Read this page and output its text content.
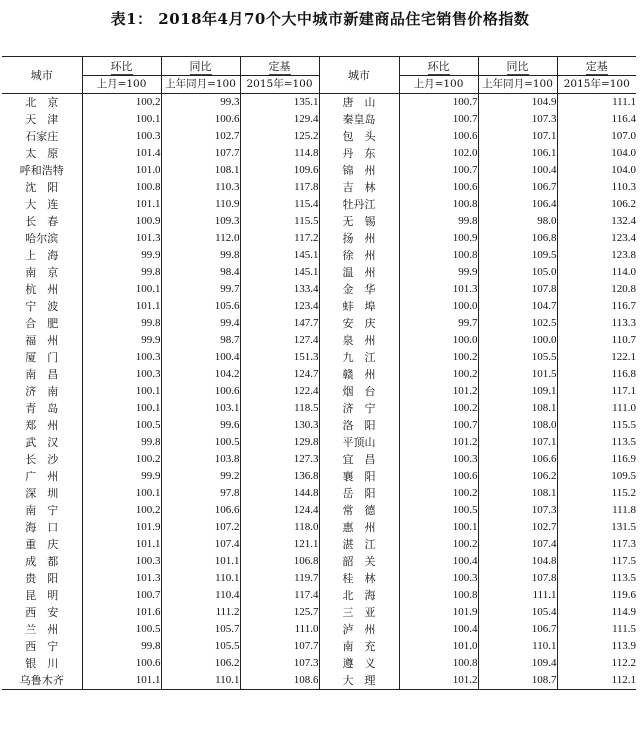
表1： 2018年4月70个大中城市新建商品住宅销售价格指数
城市	环比	同比	定基	城市	环比	同比	定基
	上月=100	上年同月=100	2015年=100		上月=100	上年同月=100	2015年=100
北　京	100.2	99.3	135.1	唐　山	100.7	104.9	111.1
天　津	100.1	100.6	129.4	秦皇岛	100.7	107.3	116.4
石家庄	100.3	102.7	125.2	包　头	100.6	107.1	107.0
太　原	101.4	107.7	114.8	丹　东	102.0	106.1	104.0
呼和浩特	101.0	108.1	109.6	锦　州	100.7	100.4	104.0
沈　阳	100.8	110.3	117.8	吉　林	100.6	106.7	110.3
大　连	101.1	110.9	115.4	牡丹江	100.8	106.4	106.2
长　春	100.9	109.3	115.5	无　锡	99.8	98.0	132.4
哈尔滨	101.3	112.0	117.2	扬　州	100.9	106.8	123.4
上　海	99.9	99.8	145.1	徐　州	100.8	109.5	123.8
南　京	99.8	98.4	145.1	温　州	99.9	105.0	114.0
杭　州	100.1	99.7	133.4	金　华	101.3	107.8	120.8
宁　波	101.1	105.6	123.4	蚌　埠	100.0	104.7	116.7
合　肥	99.8	99.4	147.7	安　庆	99.7	102.5	113.3
福　州	99.9	98.7	127.4	泉　州	100.0	100.0	110.7
厦　门	100.3	100.4	151.3	九　江	100.2	105.5	122.1
南　昌	100.3	104.2	124.7	赣　州	100.2	101.5	116.8
济　南	100.1	100.6	122.4	烟　台	101.2	109.1	117.1
青　岛	100.1	103.1	118.5	济　宁	100.2	108.1	111.0
郑　州	100.5	99.6	130.3	洛　阳	100.7	108.0	115.5
武　汉	99.8	100.5	129.8	平顶山	101.2	107.1	113.5
长　沙	100.2	103.8	127.3	宜　昌	100.3	106.6	116.9
广　州	99.9	99.2	136.8	襄　阳	100.6	106.2	109.5
深　圳	100.1	97.8	144.8	岳　阳	100.2	108.1	115.2
南　宁	100.2	106.6	124.4	常　德	100.5	107.3	111.8
海　口	101.9	107.2	118.0	惠　州	100.1	102.7	131.5
重　庆	101.1	107.4	121.1	湛　江	100.2	107.4	117.3
成　都	100.3	101.1	106.8	韶　关	100.4	104.8	117.5
贵　阳	101.3	110.1	119.7	桂　林	100.3	107.8	113.5
昆　明	100.7	110.4	117.4	北　海	100.8	111.1	119.6
西　安	101.6	111.2	125.7	三　亚	101.9	105.4	114.9
兰　州	100.5	105.7	111.0	泸　州	100.4	106.7	111.5
西　宁	99.8	105.5	107.7	南　充	101.0	110.1	113.9
银　川	100.6	106.2	107.3	遵　义	100.8	109.4	112.2
乌鲁木齐	101.1	110.1	108.6	大　理	101.2	108.7	112.1
